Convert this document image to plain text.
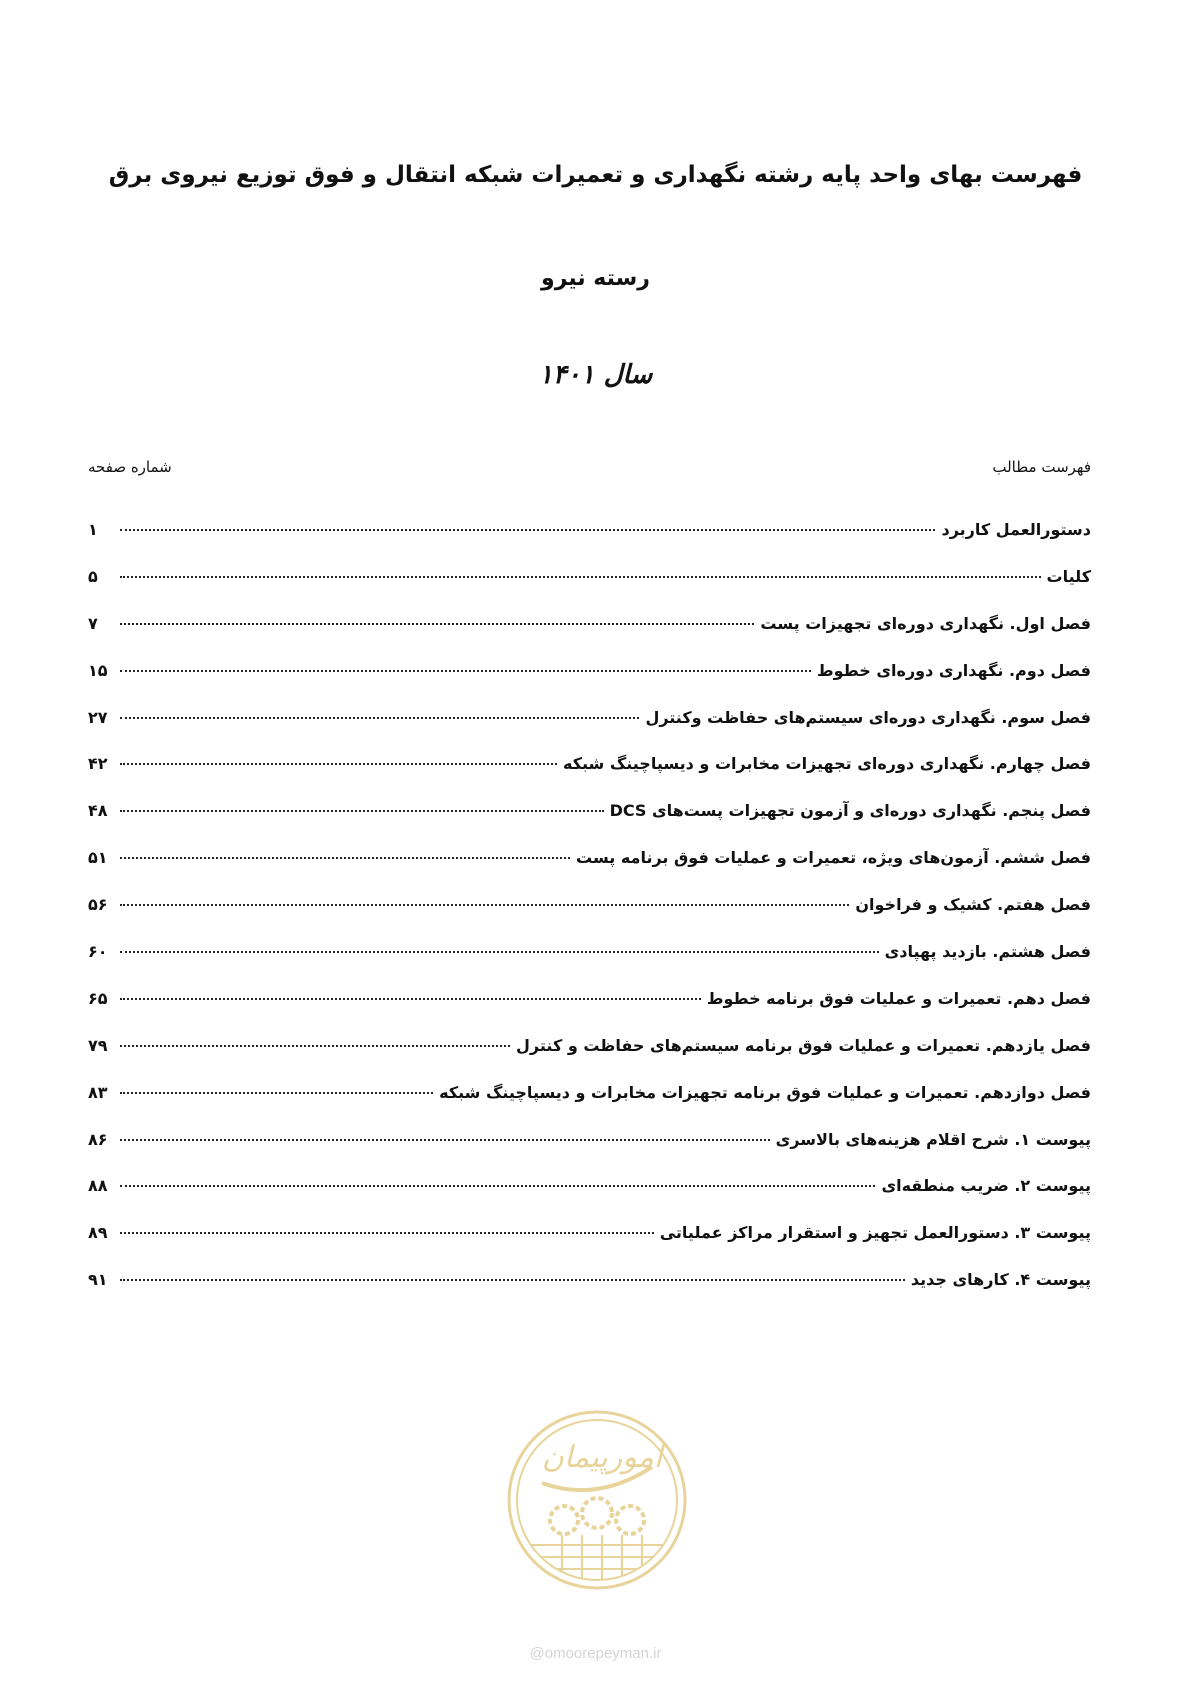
فهرست بهای واحد پایه رشته نگهداری و تعمیرات شبکه انتقال و فوق توزیع نیروی برق
رسته نیرو
سال ۱۴۰۱
فهرست مطالب
شماره صفحه
دستورالعمل کاربرد
۱
کلیات
۵
فصل اول. نگهداری دوره‌ای تجهیزات پست
۷
فصل دوم. نگهداری دوره‌ای خطوط
۱۵
فصل سوم. نگهداری دوره‌ای سیستم‌های حفاظت وکنترل
۲۷
فصل چهارم. نگهداری دوره‌ای تجهیزات مخابرات و دیسپاچینگ شبکه
۴۲
فصل پنجم. نگهداری دوره‌ای و آزمون تجهیزات پست‌های DCS
۴۸
فصل ششم. آزمون‌های ویژه، تعمیرات و عملیات فوق برنامه پست
۵۱
فصل هفتم. کشیک و فراخوان
۵۶
فصل هشتم. بازدید پهپادی
۶۰
فصل دهم. تعمیرات و عملیات فوق برنامه خطوط
۶۵
فصل یازدهم. تعمیرات و عملیات فوق برنامه سیستم‌های حفاظت و کنترل
۷۹
فصل دوازدهم. تعمیرات و عملیات فوق برنامه تجهیزات مخابرات و دیسپاچینگ شبکه
۸۳
پیوست ۱. شرح اقلام هزینه‌های بالاسری
۸۶
پیوست ۲. ضریب منطقه‌ای
۸۸
پیوست ۳. دستورالعمل تجهیز و استقرار مراکز عملیاتی
۸۹
پیوست ۴. کارهای جدید
۹۱
امورپیمان
@omoorepeyman.ir
